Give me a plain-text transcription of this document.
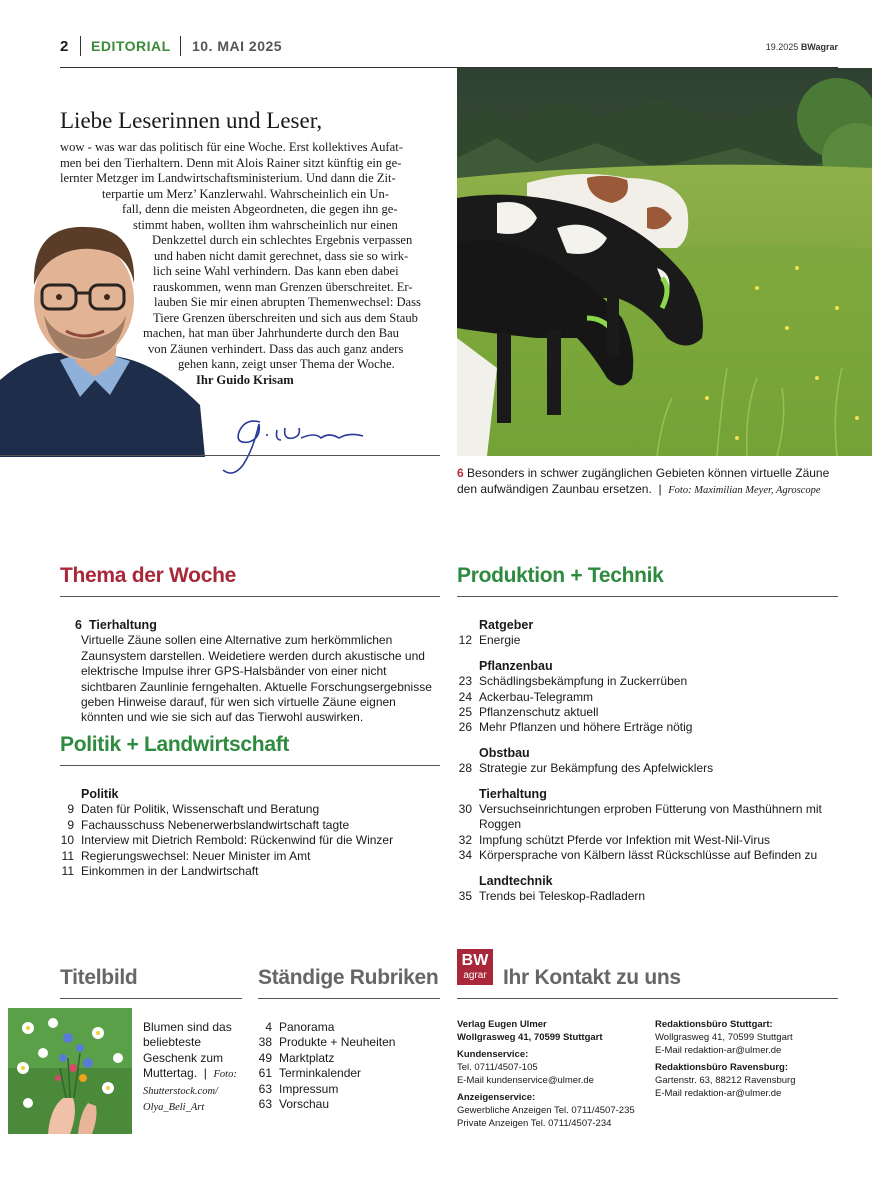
2 EDITORIAL 10. MAI 2025	19.2025 BWagrar
Liebe Leserinnen und Leser,
wow - was war das politisch für eine Woche. Erst kollektives Aufat-
men bei den Tierhaltern. Denn mit Alois Rainer sitzt künftig ein ge-
lernter Metzger im Landwirtschaftsministerium. Und dann die Zit-
terpartie um Merz’ Kanzlerwahl. Wahrscheinlich ein Un-
fall, denn die meisten Abgeordneten, die gegen ihn ge-
stimmt haben, wollten ihm wahrscheinlich nur einen
Denkzettel durch ein schlechtes Ergebnis verpassen
und haben nicht damit gerechnet, dass sie so wirk-
lich seine Wahl verhindern. Das kann eben dabei
rauskommen, wenn man Grenzen überschreitet. Er-
lauben Sie mir einen abrupten Themenwechsel: Dass
Tiere Grenzen überschreiten und sich aus dem Staub
machen, hat man über Jahrhunderte durch den Bau
von Zäunen verhindert. Dass das auch ganz anders
gehen kann, zeigt unser Thema der Woche.
Ihr Guido Krisam
6 Besonders in schwer zugänglichen Gebieten können virtuelle Zäune den aufwändigen Zaunbau ersetzen.  |  Foto: Maximilian Meyer, Agroscope
Thema der Woche
6 Tierhaltung
Virtuelle Zäune sollen eine Alternative zum herkömmlichen Zaunsystem darstellen. Weidetiere werden durch akustische und elektrische Impulse ihrer GPS-Halsbänder von einer nicht sichtbaren Zaunlinie ferngehalten. Aktuelle Forschungsergebnisse geben Hinweise darauf, für wen sich virtuelle Zäune eignen könnten und wie sie sich auf das Tierwohl auswirken.
Politik + Landwirtschaft
Politik
9 Daten für Politik, Wissenschaft und Beratung
9 Fachausschuss Nebenerwerbslandwirtschaft tagte
10 Interview mit Dietrich Rembold: Rückenwind für die Winzer
11 Regierungswechsel: Neuer Minister im Amt
11 Einkommen in der Landwirtschaft
Produktion + Technik
Ratgeber
12 Energie
Pflanzenbau
23 Schädlingsbekämpfung in Zuckerrüben
24 Ackerbau-Telegramm
25 Pflanzenschutz aktuell
26 Mehr Pflanzen und höhere Erträge nötig
Obstbau
28 Strategie zur Bekämpfung des Apfelwicklers
Tierhaltung
30 Versuchseinrichtungen erproben Fütterung von Masthühnern mit Roggen
32 Impfung schützt Pferde vor Infektion mit West-Nil-Virus
34 Körpersprache von Kälbern lässt Rückschlüsse auf Befinden zu
Landtechnik
35 Trends bei Teleskop-Radladern
Titelbild
Blumen sind das beliebteste Geschenk zum Muttertag.  |  Foto: Shutterstock.com/ Olya_Beli_Art
Ständige Rubriken
4 Panorama
38 Produkte + Neuheiten
49 Marktplatz
61 Terminkalender
63 Impressum
63 Vorschau
BW
agrar Ihr Kontakt zu uns
Verlag Eugen Ulmer
Wollgrasweg 41, 70599 Stuttgart
Kundenservice:
Tel. 0711/4507-105
E-Mail kundenservice@ulmer.de
Anzeigenservice:
Gewerbliche Anzeigen Tel. 0711/4507-235
Private Anzeigen Tel. 0711/4507-234
Redaktionsbüro Stuttgart:
Wollgrasweg 41, 70599 Stuttgart
E-Mail redaktion-ar@ulmer.de
Redaktionsbüro Ravensburg:
Gartenstr. 63, 88212 Ravensburg
E-Mail redaktion-ar@ulmer.de
